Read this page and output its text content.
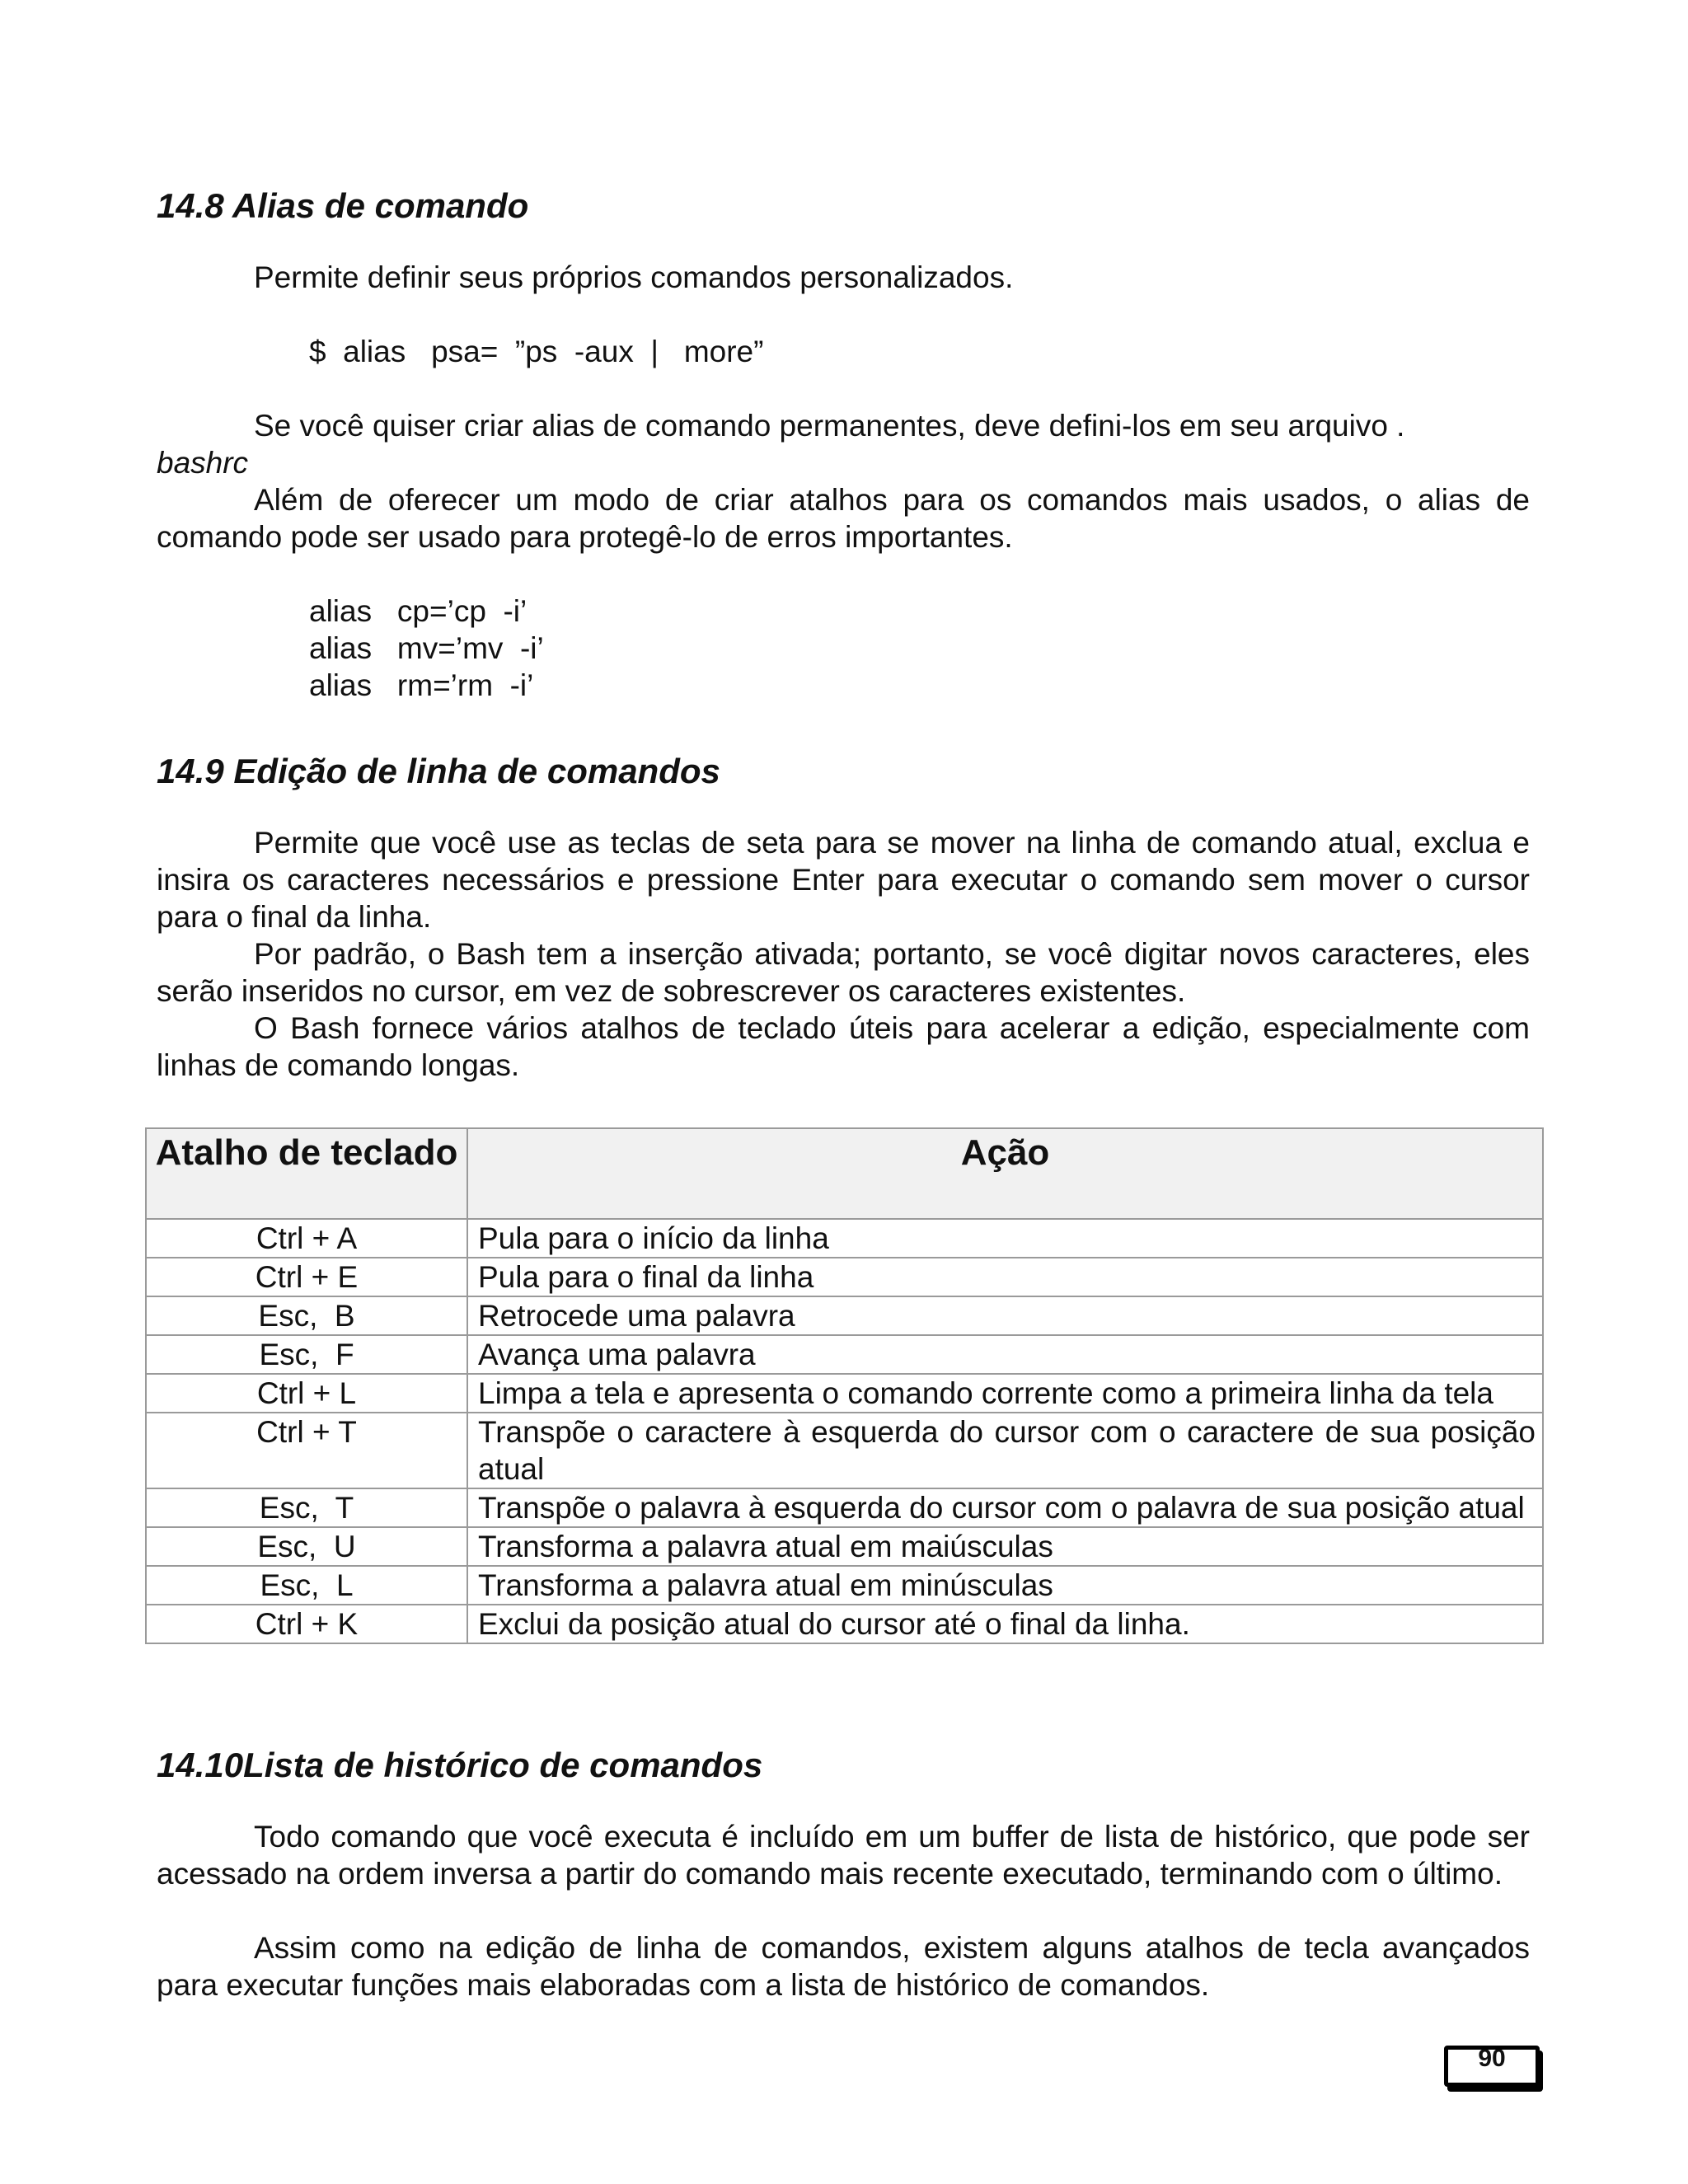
14.8 Alias de comando

Permite definir seus próprios comandos personalizados.

$  alias   psa=  ”ps  -aux  |   more”

Se você quiser criar alias de comando permanentes, deve defini-los em seu arquivo .

bashrc

Além de oferecer um modo de criar atalhos para os comandos mais usados, o alias de comando pode ser usado para protegê-lo de erros importantes.

alias   cp=’cp  -i’
alias   mv=’mv  -i’
alias   rm=’rm  -i’
14.9 Edição de linha de comandos

Permite que você use as teclas de seta para se mover na linha de comando atual, exclua e insira os caracteres necessários e pressione Enter para executar o comando sem mover o cursor para o final da linha.

Por padrão, o Bash tem a inserção ativada; portanto, se você digitar novos caracteres, eles serão inseridos no cursor, em vez de sobrescrever os caracteres existentes.

O Bash fornece vários atalhos de teclado úteis para acelerar a edição, especialmente com linhas de comando longas.

Atalho de teclado	Ação
Ctrl + A	Pula para o início da linha
Ctrl + E	Pula para o final da linha
Esc,  B	Retrocede uma palavra
Esc,  F	Avança uma palavra
Ctrl + L	Limpa a tela e apresenta o comando corrente como a primeira linha da tela
Ctrl + T	Transpõe o caractere à esquerda do cursor com o caractere de sua posição atual
Esc,  T	Transpõe o palavra à esquerda do cursor com o palavra de sua posição atual
Esc,  U	Transforma a palavra atual em maiúsculas
Esc,  L	Transforma a palavra atual em minúsculas
Ctrl + K	Exclui da posição atual do cursor até o final da linha.
14.10Lista de histórico de comandos

Todo comando que você executa é incluído em um buffer de lista de histórico, que pode ser acessado na ordem inversa a partir do comando mais recente executado, terminando com o último.

Assim como na edição de linha de comandos, existem alguns atalhos de tecla avançados para executar funções mais elaboradas com a lista de histórico de comandos.

90
